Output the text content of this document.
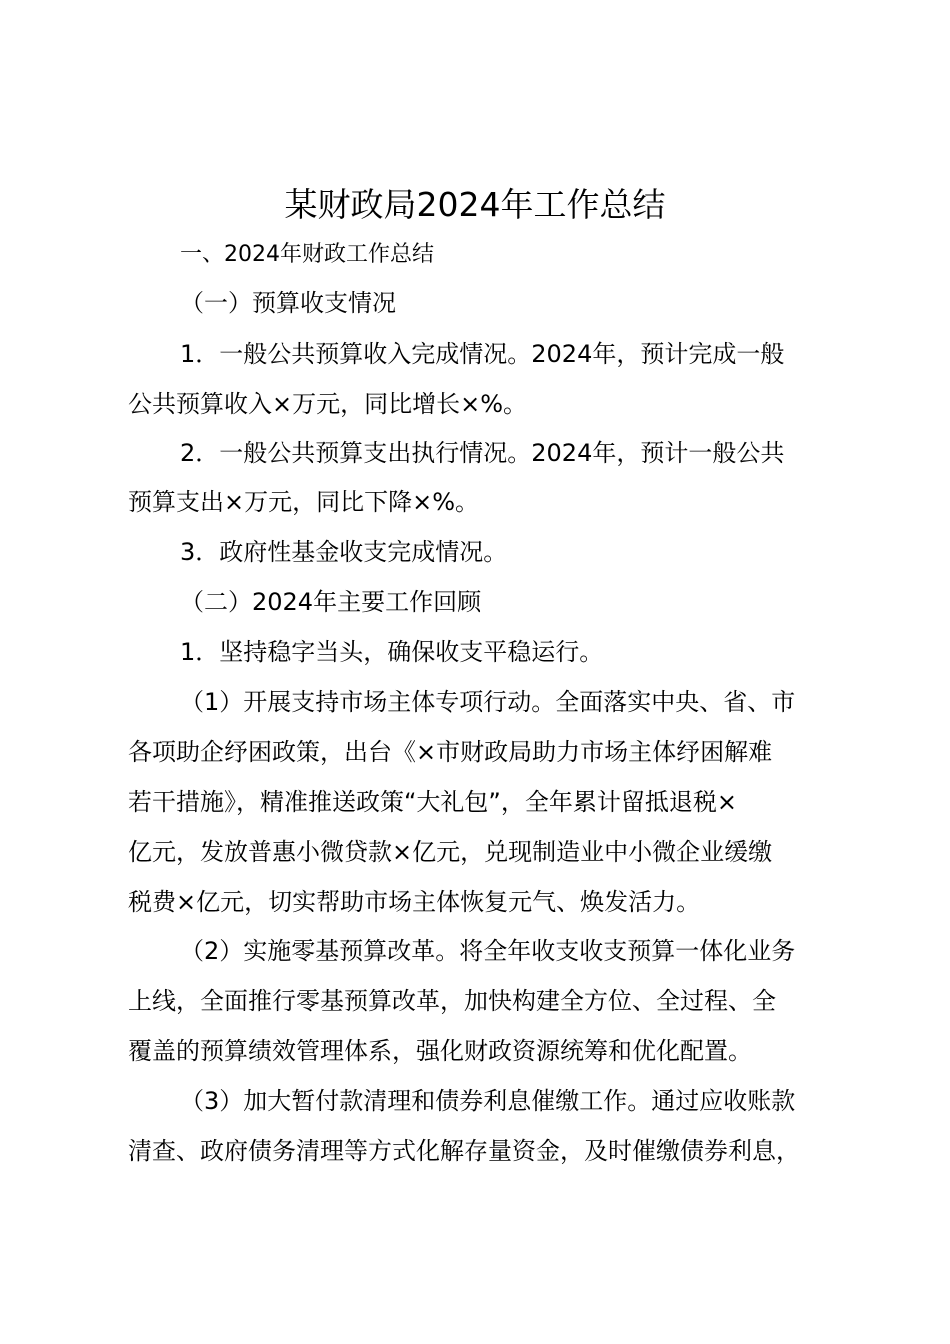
某财政局2024年工作总结

一、2024年财政工作总结

（一）预算收支情况

1．一般公共预算收入完成情况。2024年，预计完成一般

公共预算收入×万元，同比增长×%。

2．一般公共预算支出执行情况。2024年，预计一般公共

预算支出×万元，同比下降×%。

3．政府性基金收支完成情况。

（二）2024年主要工作回顾

1．坚持稳字当头，确保收支平稳运行。

（1）开展支持市场主体专项行动。全面落实中央、省、市

各项助企纾困政策，出台《×市财政局助力市场主体纾困解难

若干措施》，精准推送政策“大礼包”，全年累计留抵退税×

亿元，发放普惠小微贷款×亿元，兑现制造业中小微企业缓缴

税费×亿元，切实帮助市场主体恢复元气、焕发活力。

（2）实施零基预算改革。将全年收支收支预算一体化业务

上线，全面推行零基预算改革，加快构建全方位、全过程、全

覆盖的预算绩效管理体系，强化财政资源统筹和优化配置。

（3）加大暂付款清理和债券利息催缴工作。通过应收账款

清查、政府债务清理等方式化解存量资金，及时催缴债券利息，
